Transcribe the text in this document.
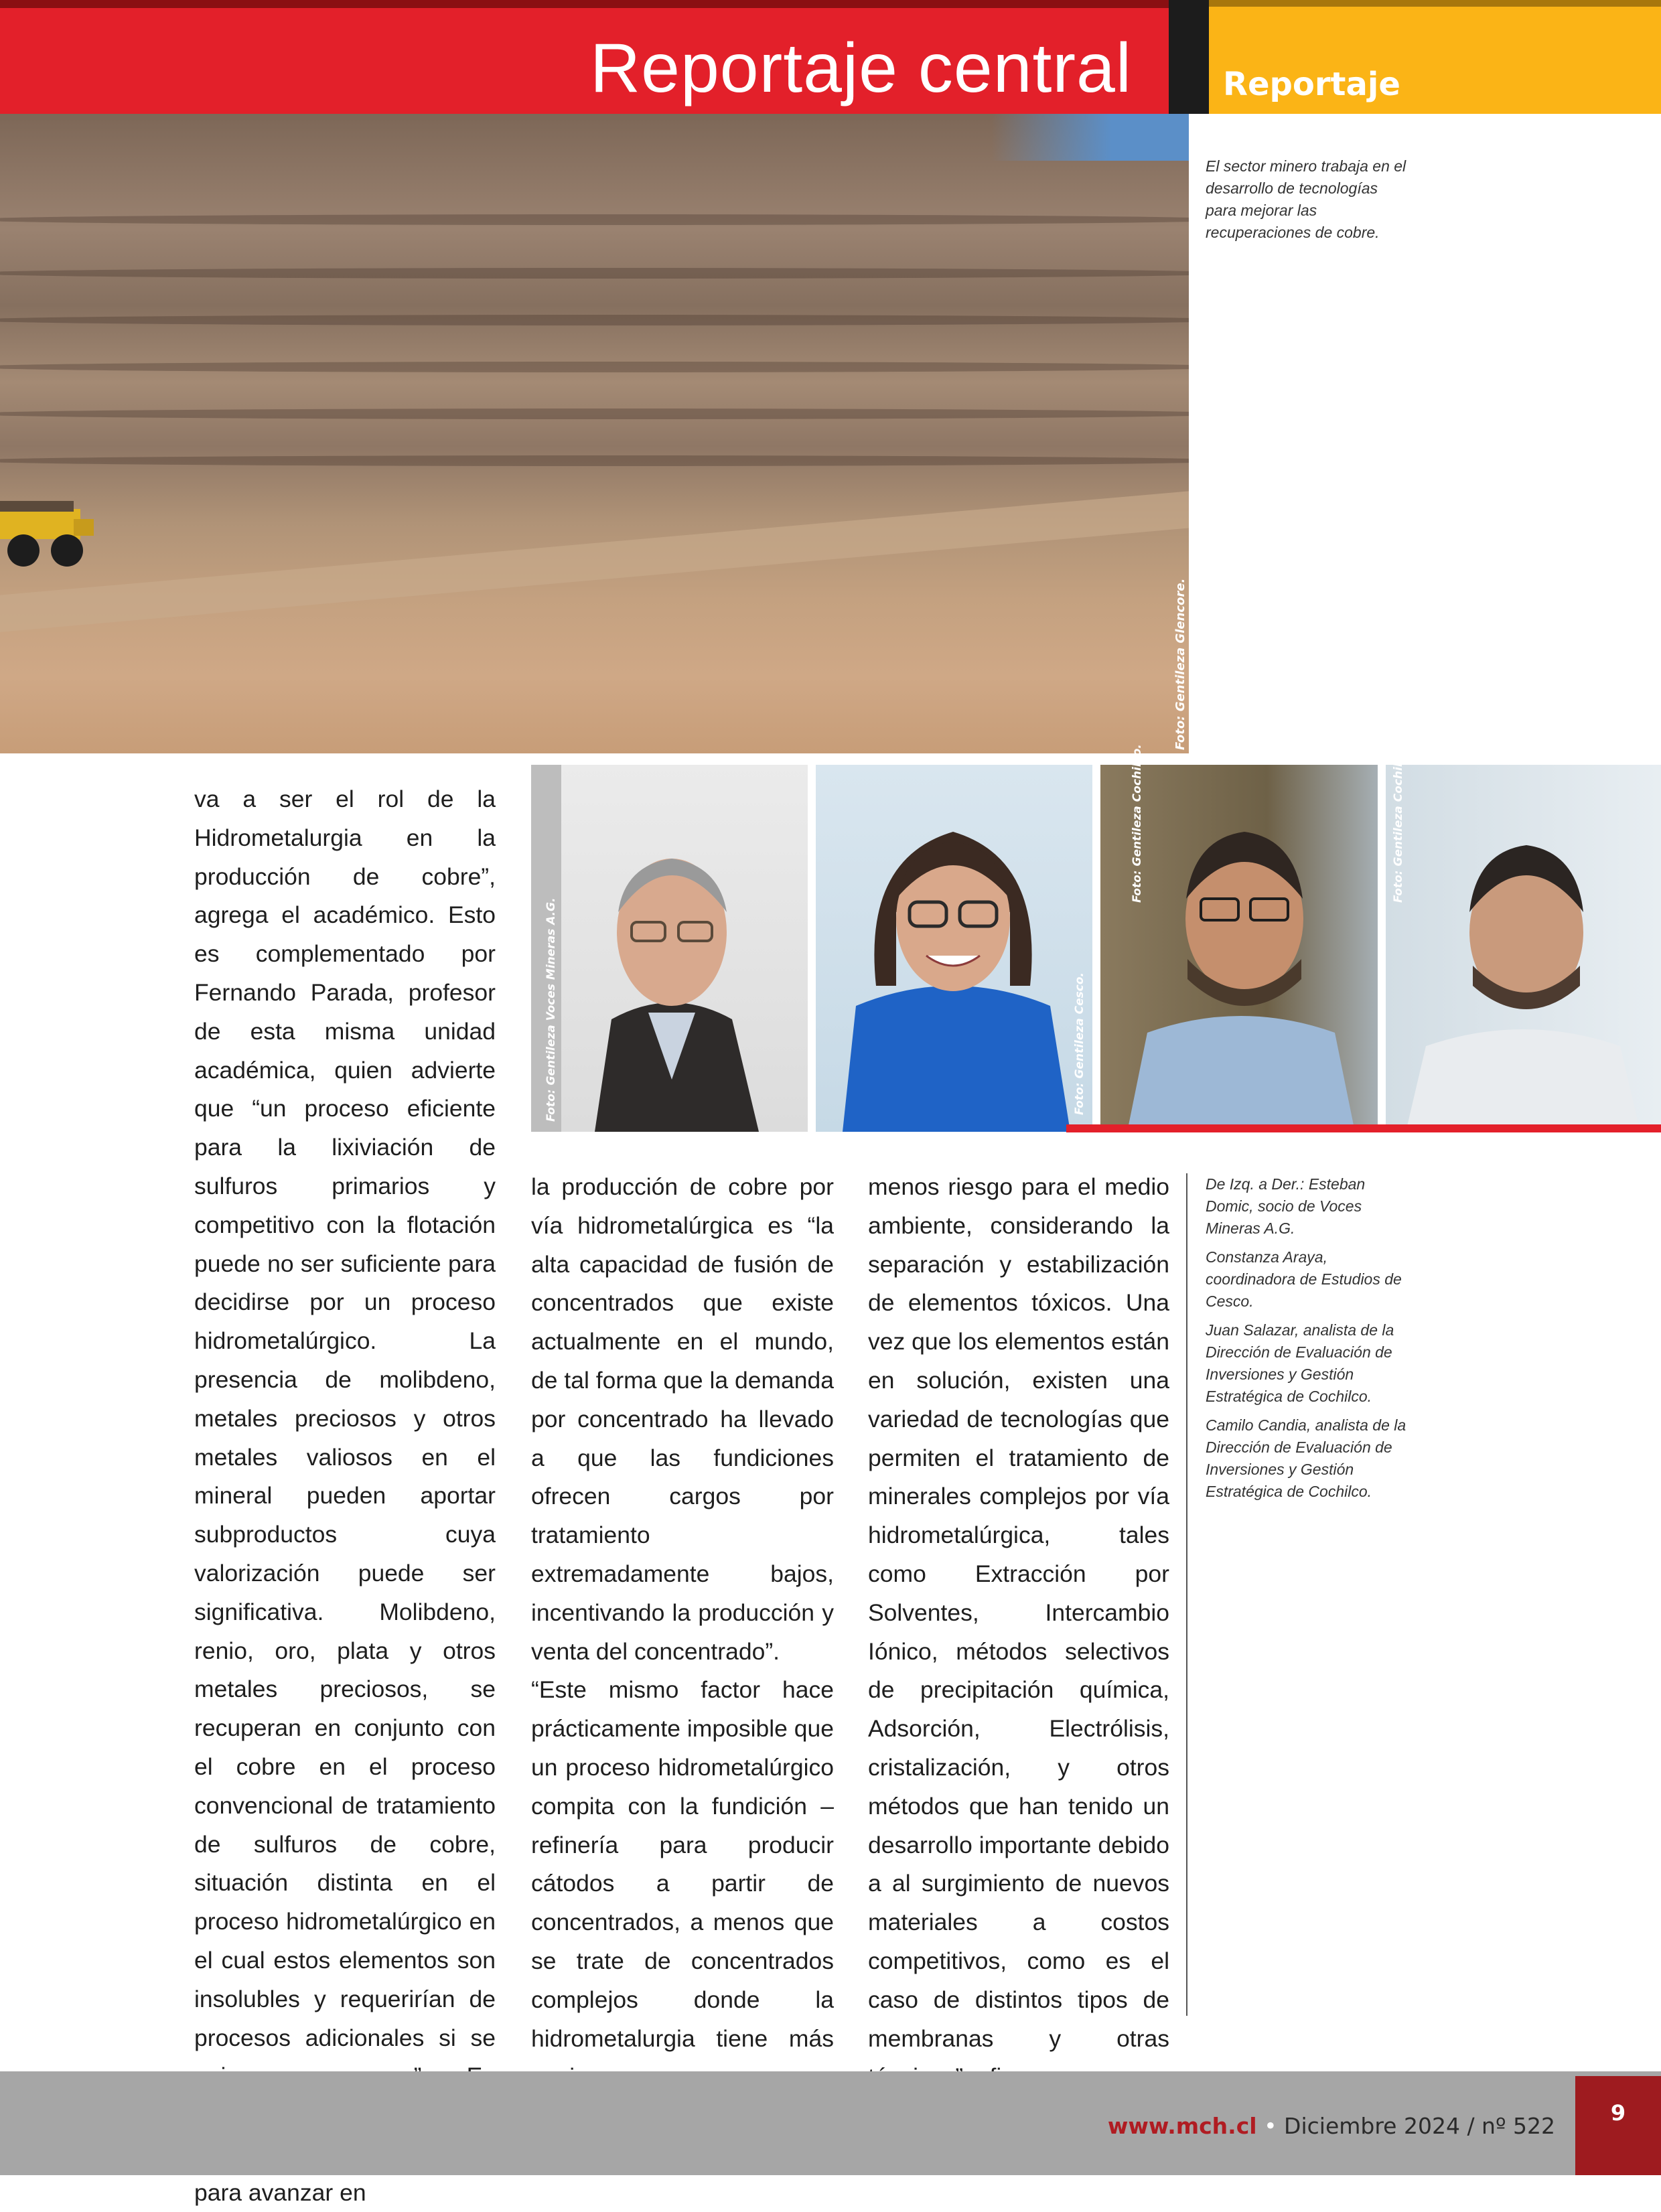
Reportaje central	Reportaje

Foto: Gentileza Glencore.

El sector minero trabaja en el desarrollo de tecnologías para mejorar las recuperaciones de cobre.

Foto: Gentileza Voces Mineras A.G.	Foto: Gentileza Cesco.

Foto: Gentileza Cochilco.	Foto: Gentileza Cochilco.

va a ser el rol de la Hidrometalurgia en la producción de cobre”, agrega el académico. Esto es complementado por Fernando Parada, profesor de esta misma unidad académica, quien advierte que “un proceso eficiente para la lixiviación de sulfuros primarios y competitivo con la flotación puede no ser suficiente para decidirse por un proceso hidrometalúrgico. La presencia de molibdeno, metales preciosos y otros metales valiosos en el mineral pueden aportar subproductos cuya valorización puede ser significativa. Molibdeno, renio, oro, plata y otros metales preciosos, se recuperan en conjunto con el cobre en el proceso convencional de tratamiento de sulfuros de cobre, situación distinta en el proceso hidrometalúrgico en el cual estos elementos son insolubles y requerirían de procesos adicionales si se para avanzar en

la producción de cobre por vía hidrometalúrgica es “la alta capacidad de fusión de concentrados que existe actualmente en el mundo, de tal forma que la demanda por concentrado ha llevado a que las fundiciones ofrecen cargos por tratamiento extremadamente bajos, incentivando la producción y venta del concentrado”.

“Este mismo factor hace prácticamente imposible que un proceso hidrometalúrgico compita con la fundición – refinería para producir cátodos a partir de concentrados, a menos que se trate de concentrados complejos donde la hidrometalurgia tiene más

menos riesgo para el medio ambiente, considerando la separación y estabilización de elementos tóxicos. Una vez que los elementos están en solución, existen una variedad de tecnologías que permiten el tratamiento de minerales complejos por vía hidrometalúrgica, tales como Extracción por Solventes, Intercambio Iónico, métodos selectivos de precipitación química, Adsorción, Electrólisis, cristalización, y otros métodos que han tenido un desarrollo importante debido a al surgimiento de nuevos materiales a costos competitivos, como es el caso de distintos tipos de membranas y otras

De Izq. a Der.: Esteban Domic, socio de Voces Mineras A.G.

Constanza Araya, coordinadora de Estudios de Cesco.

Juan Salazar, analista de la Dirección de Evaluación de Inversiones y Gestión Estratégica de Cochilco.

Camilo Candia, analista de la Dirección de Evaluación de Inversiones y Gestión Estratégica de Cochilco.

9

www.mch.cl • Diciembre 2024 / nº 522
